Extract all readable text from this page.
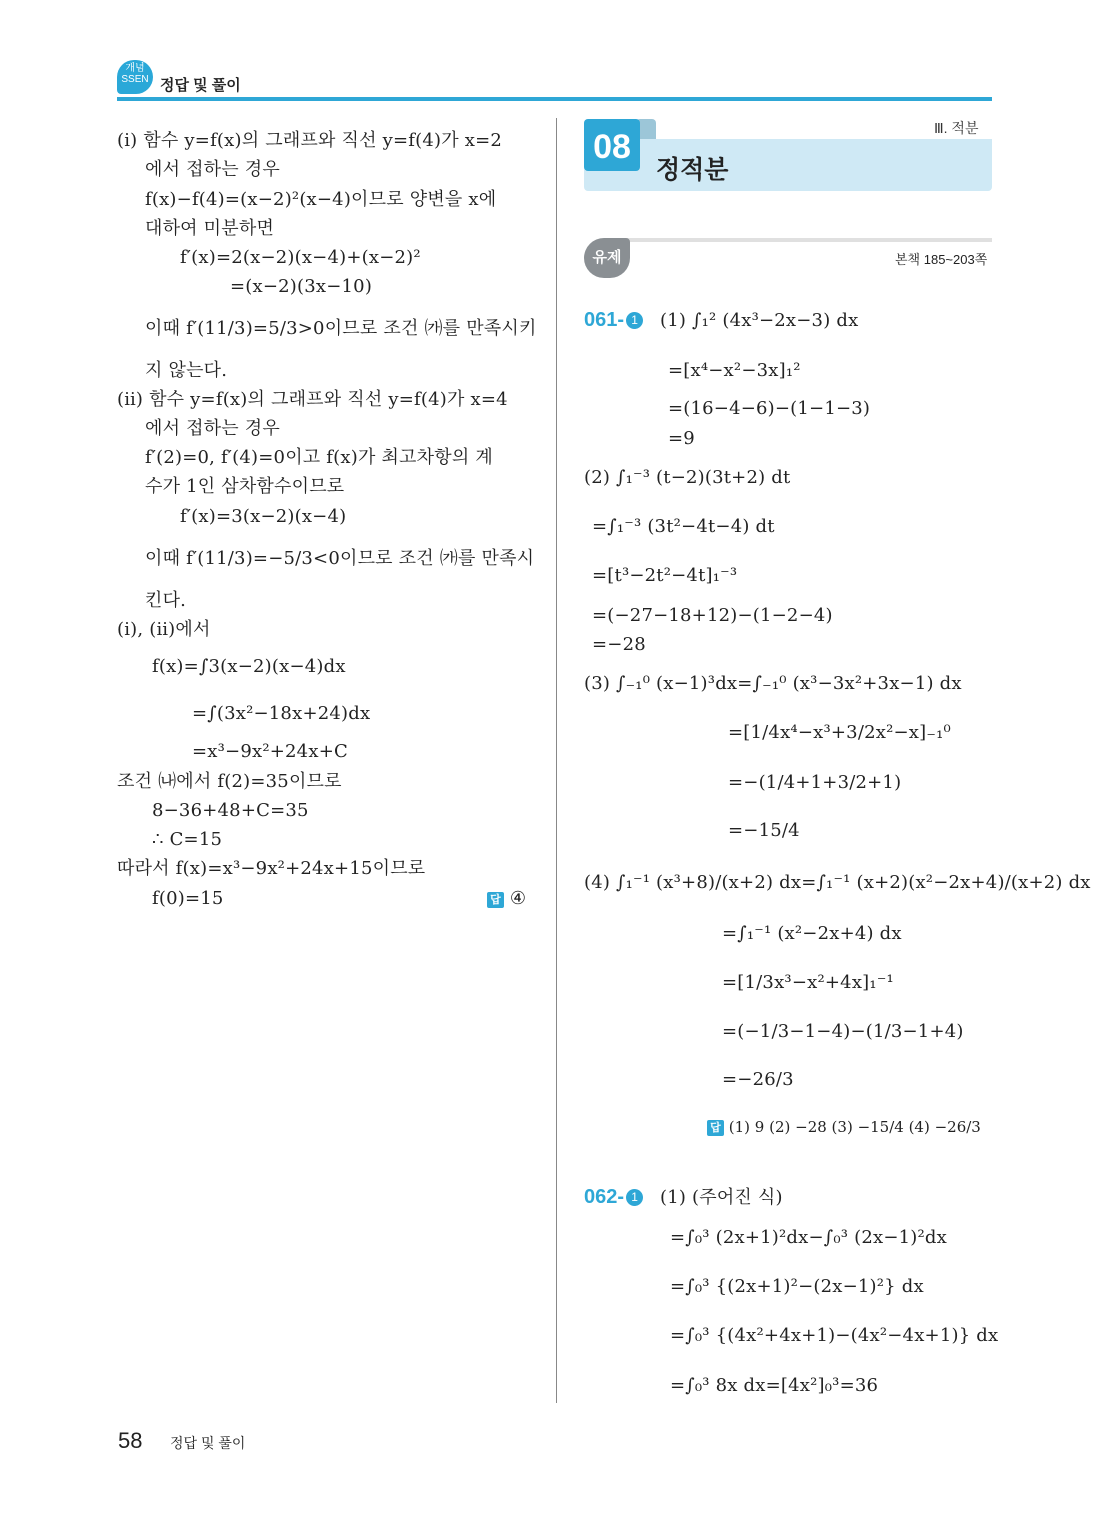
개념
SSEN 정답 및 풀이
(ⅰ) 함수 y=f(x)의 그래프와 직선 y=f(4)가 x=2
에서 접하는 경우
f(x)−f(4)=(x−2)²(x−4)이므로 양변을 x에
대하여 미분하면
f′(x)=2(x−2)(x−4)+(x−2)²
=(x−2)(3x−10)
이때 f′(11/3)=5/3>0이므로 조건 ㈎를 만족시키
지 않는다.
(ⅱ) 함수 y=f(x)의 그래프와 직선 y=f(4)가 x=4
에서 접하는 경우
f′(2)=0, f′(4)=0이고 f(x)가 최고차항의 계
수가 1인 삼차함수이므로
f′(x)=3(x−2)(x−4)
이때 f′(11/3)=−5/3<0이므로 조건 ㈎를 만족시
킨다.
(ⅰ), (ⅱ)에서
f(x)=∫3(x−2)(x−4)dx
=∫(3x²−18x+24)dx
=x³−9x²+24x+C
조건 ㈏에서 f(2)=35이므로
8−36+48+C=35
∴ C=15
따라서 f(x)=x³−9x²+24x+15이므로
f(0)=15	답 ④
Ⅲ. 적분
08
정적분
유제	본책 185~203쪽
061- 1 (1) ∫₁² (4x³−2x−3) dx
=[x⁴−x²−3x]₁²
=(16−4−6)−(1−1−3)
=9
(2) ∫₁⁻³ (t−2)(3t+2) dt
=∫₁⁻³ (3t²−4t−4) dt
=[t³−2t²−4t]₁⁻³
=(−27−18+12)−(1−2−4)
=−28
(3) ∫₋₁⁰ (x−1)³dx=∫₋₁⁰ (x³−3x²+3x−1) dx
=[1/4x⁴−x³+3/2x²−x]₋₁⁰
=−(1/4+1+3/2+1)
=−15/4
(4) ∫₁⁻¹ (x³+8)/(x+2) dx=∫₁⁻¹ (x+2)(x²−2x+4)/(x+2) dx
=∫₁⁻¹ (x²−2x+4) dx
=[1/3x³−x²+4x]₁⁻¹
=(−1/3−1−4)−(1/3−1+4)
=−26/3
답 (1) 9 (2) −28 (3) −15/4 (4) −26/3
062- 1 (1) (주어진 식)
=∫₀³ (2x+1)²dx−∫₀³ (2x−1)²dx
=∫₀³ {(2x+1)²−(2x−1)²} dx
=∫₀³ {(4x²+4x+1)−(4x²−4x+1)} dx
=∫₀³ 8x dx=[4x²]₀³=36
58 정답 및 풀이
